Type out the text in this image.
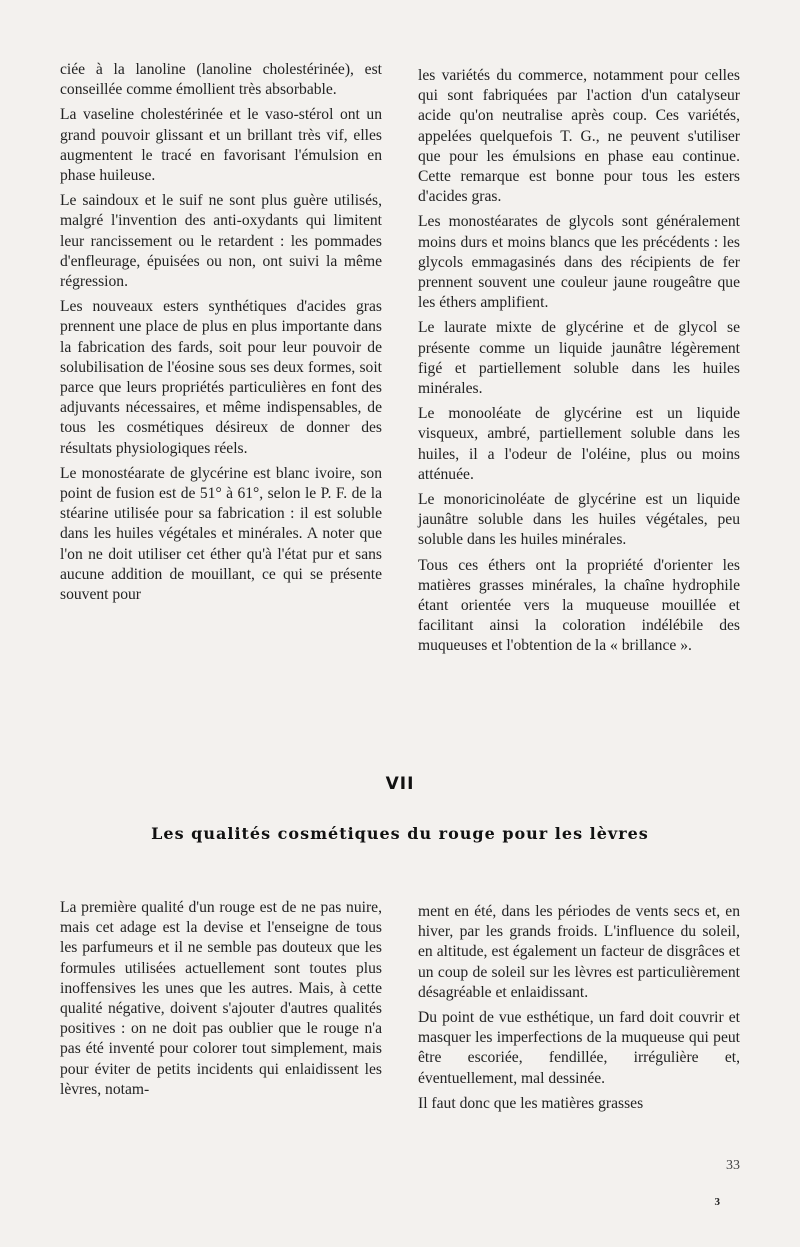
ciée à la lanoline (lanoline cholestérinée), est conseillée comme émollient très absorbable.

La vaseline cholestérinée et le vaso-stérol ont un grand pouvoir glissant et un brillant très vif, elles augmentent le tracé en favorisant l'émulsion en phase huileuse.

Le saindoux et le suif ne sont plus guère utilisés, malgré l'invention des anti-oxydants qui limitent leur rancissement ou le retardent : les pommades d'enfleurage, épuisées ou non, ont suivi la même régression.

Les nouveaux esters synthétiques d'acides gras prennent une place de plus en plus importante dans la fabrication des fards, soit pour leur pouvoir de solubilisation de l'éosine sous ses deux formes, soit parce que leurs propriétés particulières en font des adjuvants nécessaires, et même indispensables, de tous les cosmétiques désireux de donner des résultats physiologiques réels.

Le monostéarate de glycérine est blanc ivoire, son point de fusion est de 51° à 61°, selon le P. F. de la stéarine utilisée pour sa fabrication : il est soluble dans les huiles végétales et minérales. A noter que l'on ne doit utiliser cet éther qu'à l'état pur et sans aucune addition de mouillant, ce qui se présente souvent pour

les variétés du commerce, notamment pour celles qui sont fabriquées par l'action d'un catalyseur acide qu'on neutralise après coup. Ces variétés, appelées quelquefois T. G., ne peuvent s'utiliser que pour les émulsions en phase eau continue. Cette remarque est bonne pour tous les esters d'acides gras.

Les monostéarates de glycols sont généralement moins durs et moins blancs que les précédents : les glycols emmagasinés dans des récipients de fer prennent souvent une couleur jaune rougeâtre que les éthers amplifient.

Le laurate mixte de glycérine et de glycol se présente comme un liquide jaunâtre légèrement figé et partiellement soluble dans les huiles minérales.

Le monooléate de glycérine est un liquide visqueux, ambré, partiellement soluble dans les huiles, il a l'odeur de l'oléine, plus ou moins atténuée.

Le monoricinoléate de glycérine est un liquide jaunâtre soluble dans les huiles végétales, peu soluble dans les huiles minérales.

Tous ces éthers ont la propriété d'orienter les matières grasses minérales, la chaîne hydrophile étant orientée vers la muqueuse mouillée et facilitant ainsi la coloration indélébile des muqueuses et l'obtention de la « brillance ».

VII
Les qualités cosmétiques du rouge pour les lèvres

La première qualité d'un rouge est de ne pas nuire, mais cet adage est la devise et l'enseigne de tous les parfumeurs et il ne semble pas douteux que les formules utilisées actuellement sont toutes plus inoffensives les unes que les autres. Mais, à cette qualité négative, doivent s'ajouter d'autres qualités positives : on ne doit pas oublier que le rouge n'a pas été inventé pour colorer tout simplement, mais pour éviter de petits incidents qui enlaidissent les lèvres, notam-

ment en été, dans les périodes de vents secs et, en hiver, par les grands froids. L'influence du soleil, en altitude, est également un facteur de disgrâces et un coup de soleil sur les lèvres est particulièrement désagréable et enlaidissant.

Du point de vue esthétique, un fard doit couvrir et masquer les imperfections de la muqueuse qui peut être escoriée, fendillée, irrégulière et, éventuellement, mal dessinée.

Il faut donc que les matières grasses

33
3
